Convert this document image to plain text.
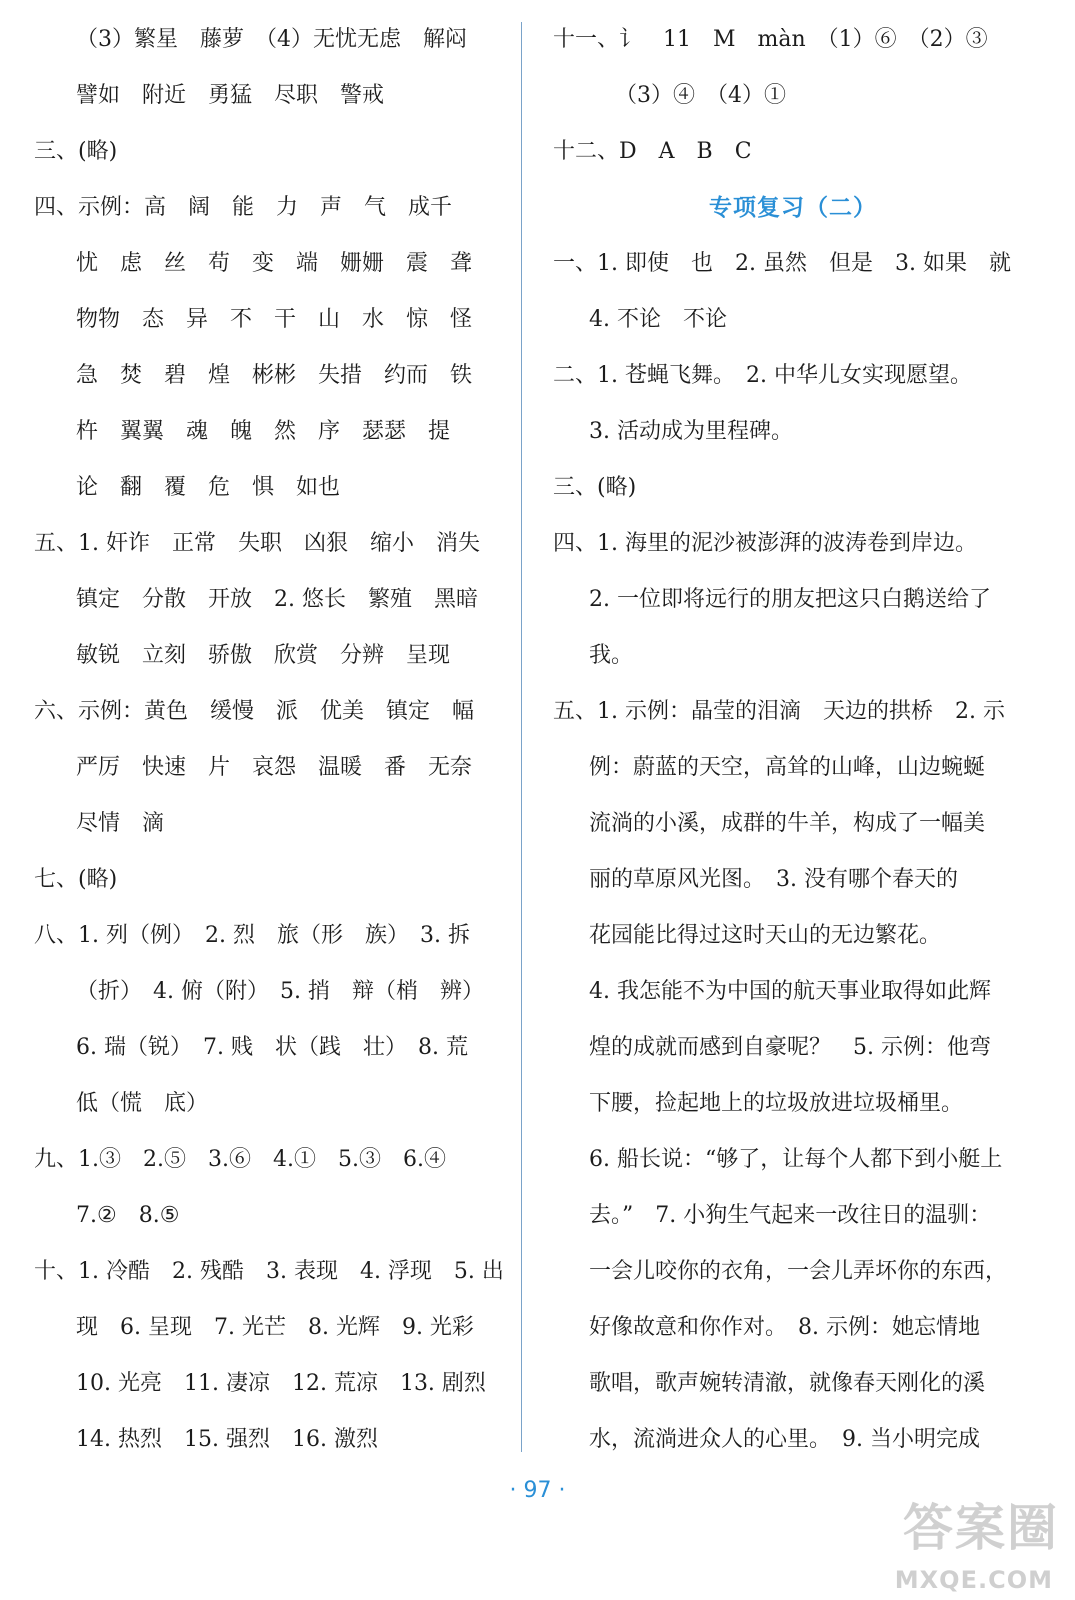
（3）繁星　藤萝　（4）无忧无虑　解闷
譬如　附近　勇猛　尽职　警戒
三、(略)
四、示例：高　阔　能　力　声　气　成千
忧　虑　丝　苟　变　端　姗姗　震　聋
物物　态　异　不　干　山　水　惊　怪
急　焚　碧　煌　彬彬　失措　约而　铁
杵　翼翼　魂　魄　然　序　瑟瑟　提
论　翻　覆　危　惧　如也
五、1. 奸诈　正常　失职　凶狠　缩小　消失
镇定　分散　开放　2. 悠长　繁殖　黑暗
敏锐　立刻　骄傲　欣赏　分辨　呈现
六、示例：黄色　缓慢　派　优美　镇定　幅
严厉　快速　片　哀怨　温暖　番　无奈
尽情　滴
七、(略)
八、1. 列（例）　2. 烈　旅（形　族）　3. 拆
（折）　4. 俯（附）　5. 捎　辩（梢　辨）
6. 瑞（锐）　7. 贱　状（践　壮）　8. 荒
低（慌　底）
九、1.③　2.⑤　3.⑥　4.①　5.③　6.④
7.②　8.⑤
十、1. 冷酷　2. 残酷　3. 表现　4. 浮现　5. 出
现　6. 呈现　7. 光芒　8. 光辉　9. 光彩
10. 光亮　11. 凄凉　12. 荒凉　13. 剧烈
14. 热烈　15. 强烈　16. 激烈
十一、讠　11　M　màn　（1）⑥　（2）③
（3）④　（4）①
十二、D　A　B　C
专项复习（二）
一、1. 即使　也　2. 虽然　但是　3. 如果　就
4. 不论　不论
二、1. 苍蝇飞舞。　2. 中华儿女实现愿望。
3. 活动成为里程碑。
三、(略)
四、1. 海里的泥沙被澎湃的波涛卷到岸边。
2. 一位即将远行的朋友把这只白鹅送给了
我。
五、1. 示例：晶莹的泪滴　天边的拱桥　2. 示
例：蔚蓝的天空，高耸的山峰，山边蜿蜒
流淌的小溪，成群的牛羊，构成了一幅美
丽的草原风光图。　3. 没有哪个春天的
花园能比得过这时天山的无边繁花。
4. 我怎能不为中国的航天事业取得如此辉
煌的成就而感到自豪呢？　5. 示例：他弯
下腰，捡起地上的垃圾放进垃圾桶里。
6. 船长说：“够了，让每个人都下到小艇上
去。”　7. 小狗生气起来一改往日的温驯：
一会儿咬你的衣角，一会儿弄坏你的东西，
好像故意和你作对。　8. 示例：她忘情地
歌唱，歌声婉转清澈，就像春天刚化的溪
水，流淌进众人的心里。　9. 当小明完成
· 97 ·
答案圈
MXQE.COM
